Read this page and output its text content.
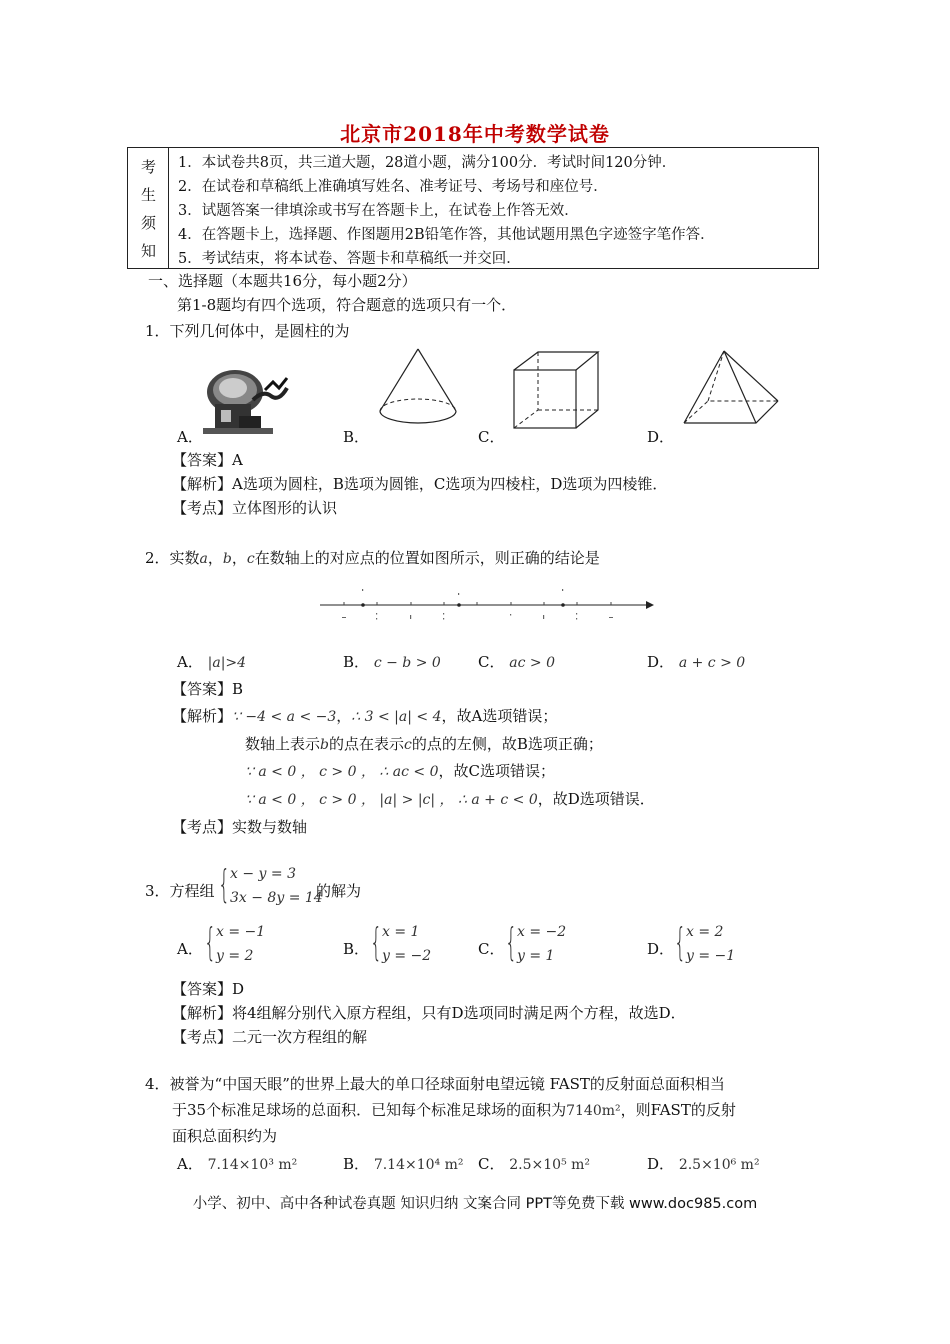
北京市2018年中考数学试卷
考
生
须
知
1．本试卷共8页，共三道大题，28道小题，满分100分．考试时间120分钟．
2．在试卷和草稿纸上准确填写姓名、准考证号、考场号和座位号．
3．试题答案一律填涂或书写在答题卡上，在试卷上作答无效．
4．在答题卡上，选择题、作图题用2B铅笔作答，其他试题用黑色字迹签字笔作答．
5．考试结束，将本试卷、答题卡和草稿纸一并交回．
一、选择题（本题共16分，每小题2分）
第1-8题均有四个选项，符合题意的选项只有一个．
1．下列几何体中，是圆柱的为
A．	B．	C．	D．
【答案】A
【解析】A选项为圆柱，B选项为圆锥，C选项为四棱柱，D选项为四棱锥．
【考点】立体图形的认识
2．实数a，b，c在数轴上的对应点的位置如图所示，则正确的结论是
A． |a|>4	B． c − b > 0 C． ac > 0	D． a + c > 0
【答案】B
【解析】∵ −4 < a < −3，∴ 3 < |a| < 4，故A选项错误；
数轴上表示b的点在表示c的点的左侧，故B选项正确；
∵ a < 0 ， c > 0 ， ∴ ac < 0，故C选项错误；
∵ a < 0 ， c > 0 ， |a| > |c| ， ∴ a + c < 0，故D选项错误．
【考点】实数与数轴
3．方程组 { x − y = 3
3x − 8y = 14
的解为
A． { x = −1
y = 2	B． { x = 1
y = −2	C． { x = −2
y = 1	D． { x = 2
y = −1
【答案】D
【解析】将4组解分别代入原方程组，只有D选项同时满足两个方程，故选D．
【考点】二元一次方程组的解
4．被誉为“中国天眼”的世界上最大的单口径球面射电望远镜 FAST的反射面总面积相当
于35个标准足球场的总面积．已知每个标准足球场的面积为7140m²，则FAST的反射
面积总面积约为
A． 7.14×10³ m²	B． 7.14×10⁴ m² C． 2.5×10⁵ m²	D． 2.5×10⁶ m²
小学、初中、高中各种试卷真题 知识归纳 文案合同 PPT等免费下载 www.doc985.com
